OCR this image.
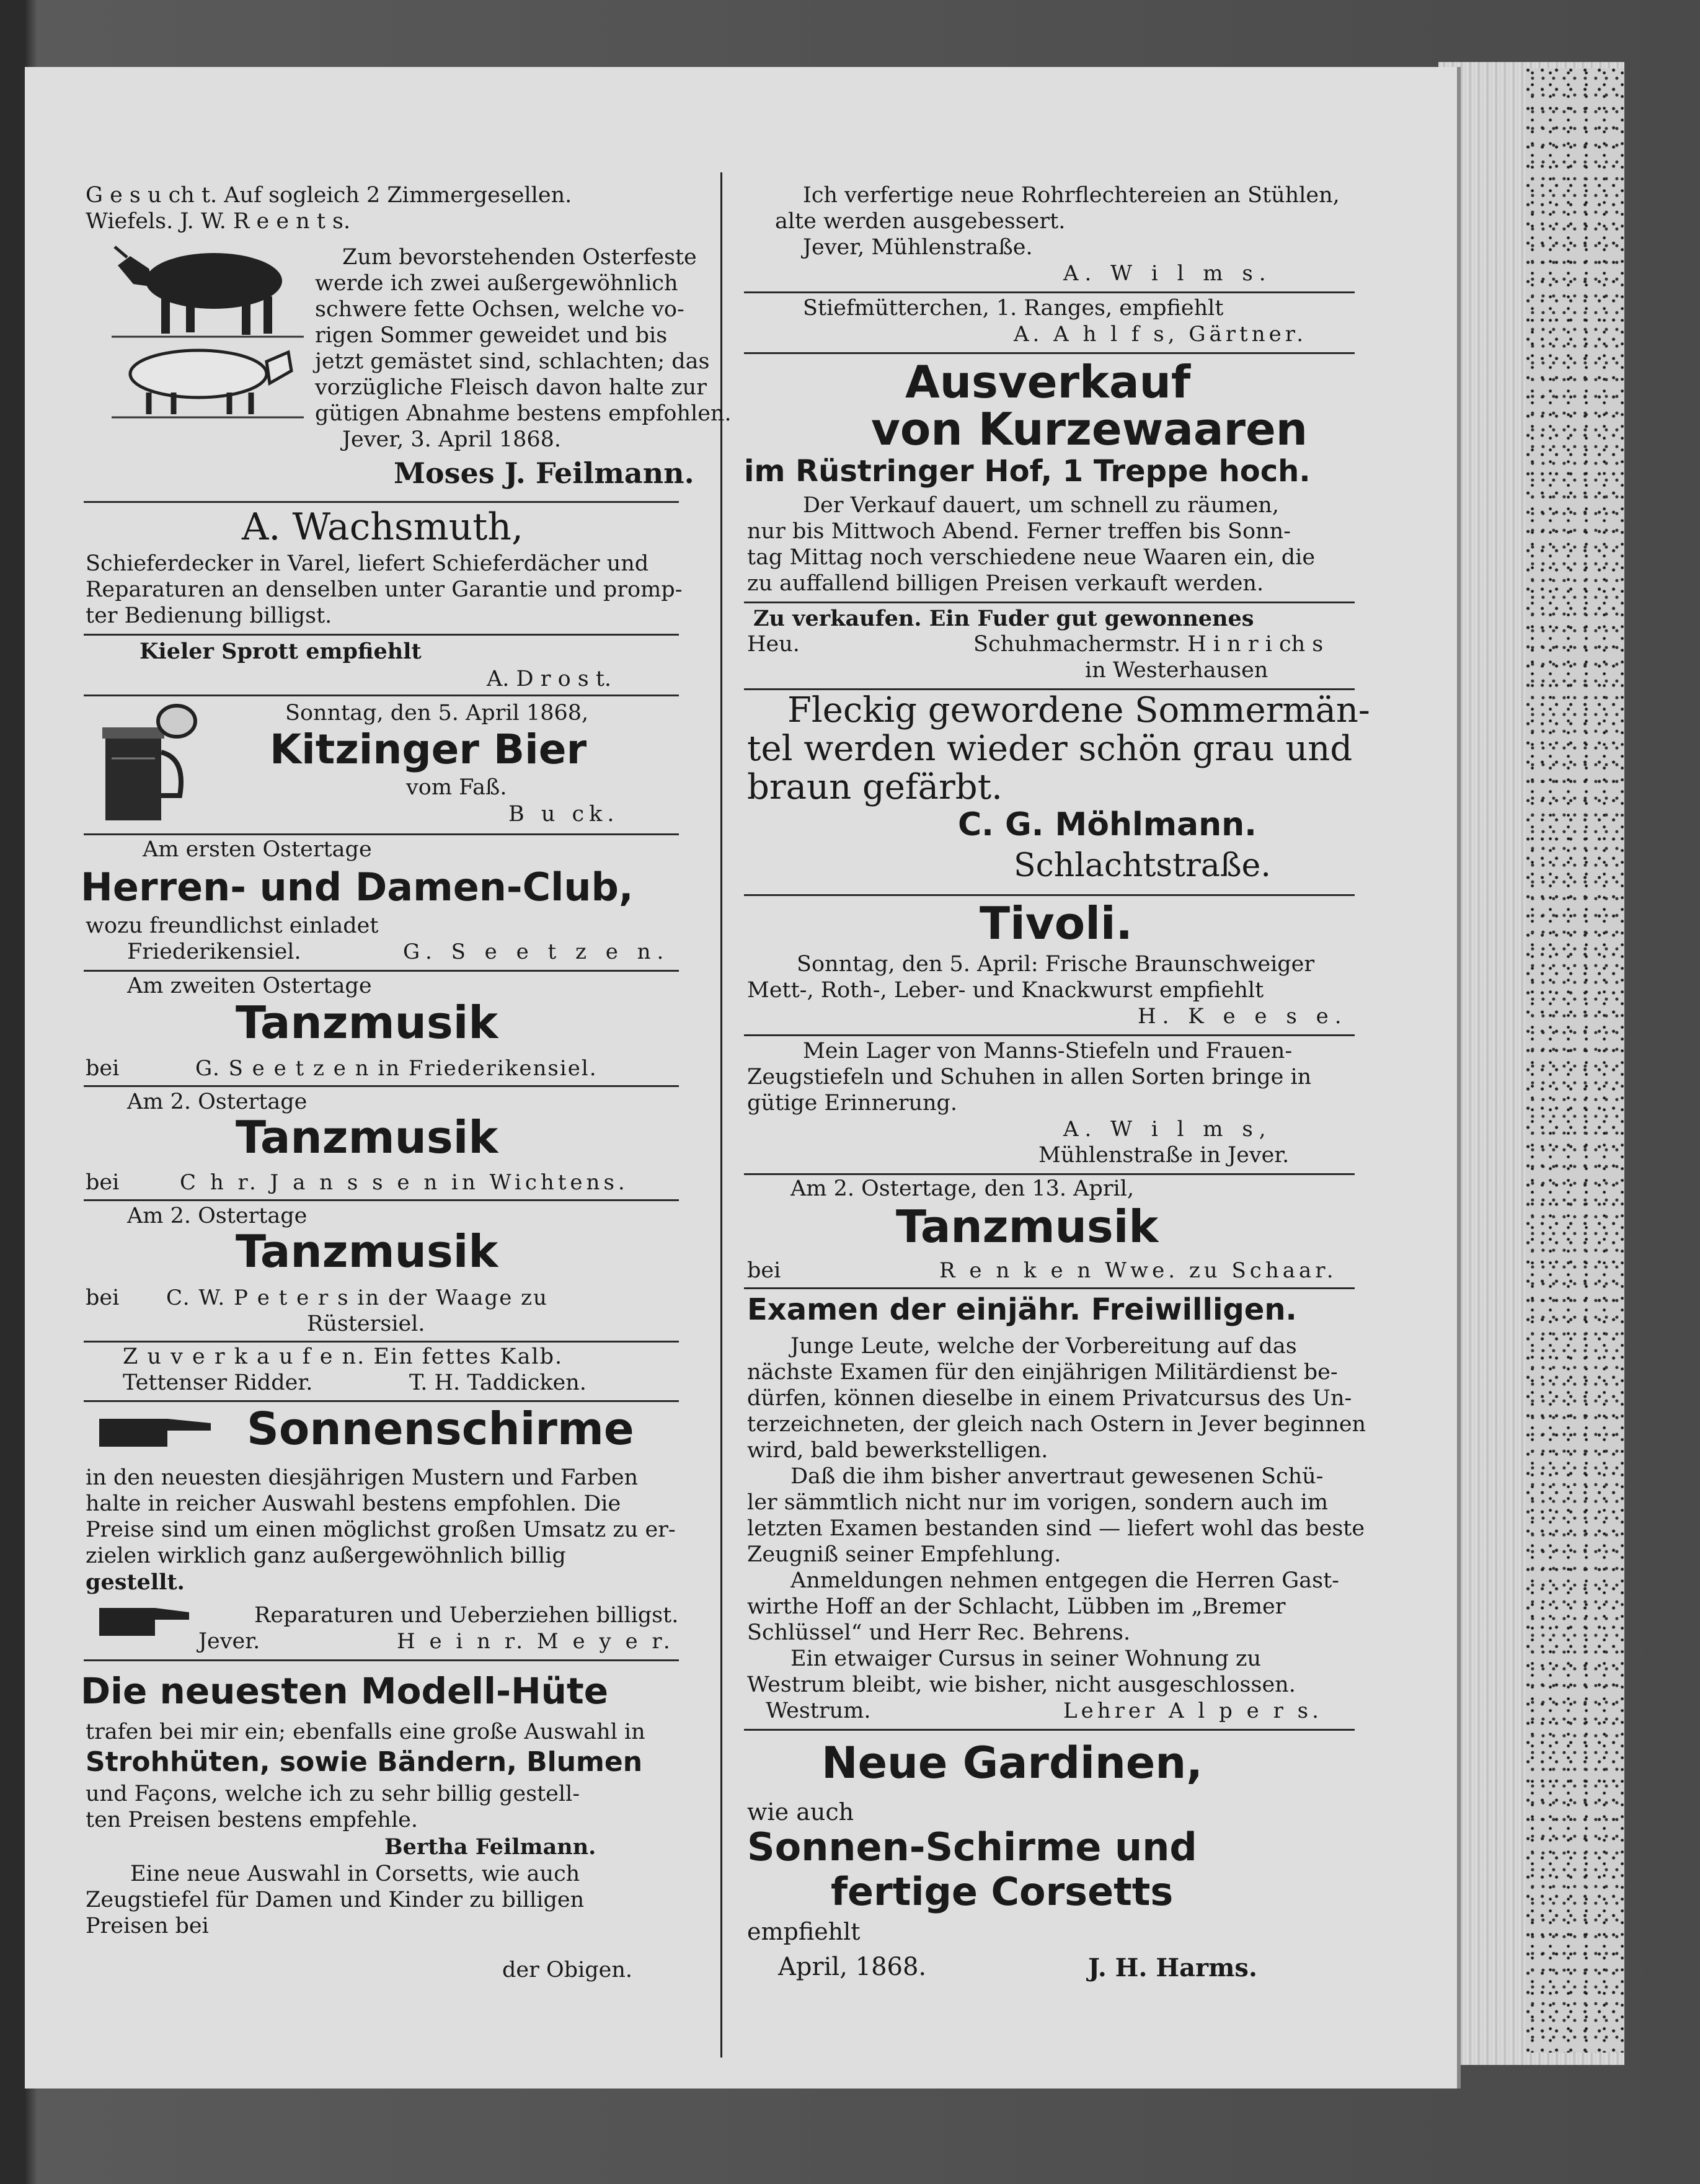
G e s u ch t. Auf sogleich 2 Zimmergesellen.
Wiefels. J. W. R e e n t s.
Zum bevorstehenden Osterfeste
werde ich zwei außergewöhnlich
schwere fette Ochsen, welche vo-
rigen Sommer geweidet und bis
jetzt gemästet sind, schlachten; das
vorzügliche Fleisch davon halte zur
gütigen Abnahme bestens empfohlen.
Jever, 3. April 1868.
Moses J. Feilmann.
A. Wachsmuth,
Schieferdecker in Varel, liefert Schieferdächer und
Reparaturen an denselben unter Garantie und promp-
ter Bedienung billigst.
Kieler Sprott empfiehlt
A. D r o s t.
Sonntag, den 5. April 1868,
Kitzinger Bier
vom Faß.
B u ck.
Am ersten Ostertage
Herren- und Damen-Club,
wozu freundlichst einladet
Friederikensiel.	G. S e e t z e n.
Am zweiten Ostertage
Tanzmusik
bei	G. S e e t z e n in Friederikensiel.
Am 2. Ostertage
Tanzmusik
bei	C h r. J a n s s e n in Wichtens.
Am 2. Ostertage
Tanzmusik
bei C. W. P e t e r s in der Waage zu
Rüstersiel.
Z u v e r k a u f e n. Ein fettes Kalb.
Tettenser Ridder.	T. H. Taddicken.
Sonnenschirme
in den neuesten diesjährigen Mustern und Farben
halte in reicher Auswahl bestens empfohlen. Die
Preise sind um einen möglichst großen Umsatz zu er-
zielen wirklich ganz außergewöhnlich billig
gestellt.
Reparaturen und Ueberziehen billigst.
Jever.	H e i n r. M e y e r.
Die neuesten Modell-Hüte
trafen bei mir ein; ebenfalls eine große Auswahl in
Strohhüten, sowie Bändern, Blumen
und Façons, welche ich zu sehr billig gestell-
ten Preisen bestens empfehle.
Bertha Feilmann.
Eine neue Auswahl in Corsetts, wie auch
Zeugstiefel für Damen und Kinder zu billigen
Preisen bei
der Obigen.
Ich verfertige neue Rohrflechtereien an Stühlen,
alte werden ausgebessert.
Jever, Mühlenstraße.
A. W i l m s.
Stiefmütterchen, 1. Ranges, empfiehlt
A. A h l f s, Gärtner.
Ausverkauf
von Kurzewaaren
im Rüstringer Hof, 1 Treppe hoch.
Der Verkauf dauert, um schnell zu räumen,
nur bis Mittwoch Abend. Ferner treffen bis Sonn-
tag Mittag noch verschiedene neue Waaren ein, die
zu auffallend billigen Preisen verkauft werden.
Zu verkaufen. Ein Fuder gut gewonnenes
Heu.	Schuhmachermstr. H i n r i ch s
in Westerhausen
Fleckig gewordene Sommermän-
tel werden wieder schön grau und
braun gefärbt.
C. G. Möhlmann.
Schlachtstraße.
Tivoli.
Sonntag, den 5. April: Frische Braunschweiger
Mett-, Roth-, Leber- und Knackwurst empfiehlt
H. K e e s e.
Mein Lager von Manns-Stiefeln und Frauen-
Zeugstiefeln und Schuhen in allen Sorten bringe in
gütige Erinnerung.
A. W i l m s,
Mühlenstraße in Jever.
Am 2. Ostertage, den 13. April,
Tanzmusik
bei	R e n k e n Wwe. zu Schaar.
Examen der einjähr. Freiwilligen.
Junge Leute, welche der Vorbereitung auf das
nächste Examen für den einjährigen Militärdienst be-
dürfen, können dieselbe in einem Privatcursus des Un-
terzeichneten, der gleich nach Ostern in Jever beginnen
wird, bald bewerkstelligen.
Daß die ihm bisher anvertraut gewesenen Schü-
ler sämmtlich nicht nur im vorigen, sondern auch im
letzten Examen bestanden sind — liefert wohl das beste
Zeugniß seiner Empfehlung.
Anmeldungen nehmen entgegen die Herren Gast-
wirthe Hoff an der Schlacht, Lübben im „Bremer
Schlüssel“ und Herr Rec. Behrens.
Ein etwaiger Cursus in seiner Wohnung zu
Westrum bleibt, wie bisher, nicht ausgeschlossen.
Westrum.	Lehrer A l p e r s.
Neue Gardinen,
wie auch
Sonnen-Schirme und
fertige Corsetts
empfiehlt
April, 1868.	J. H. Harms.
